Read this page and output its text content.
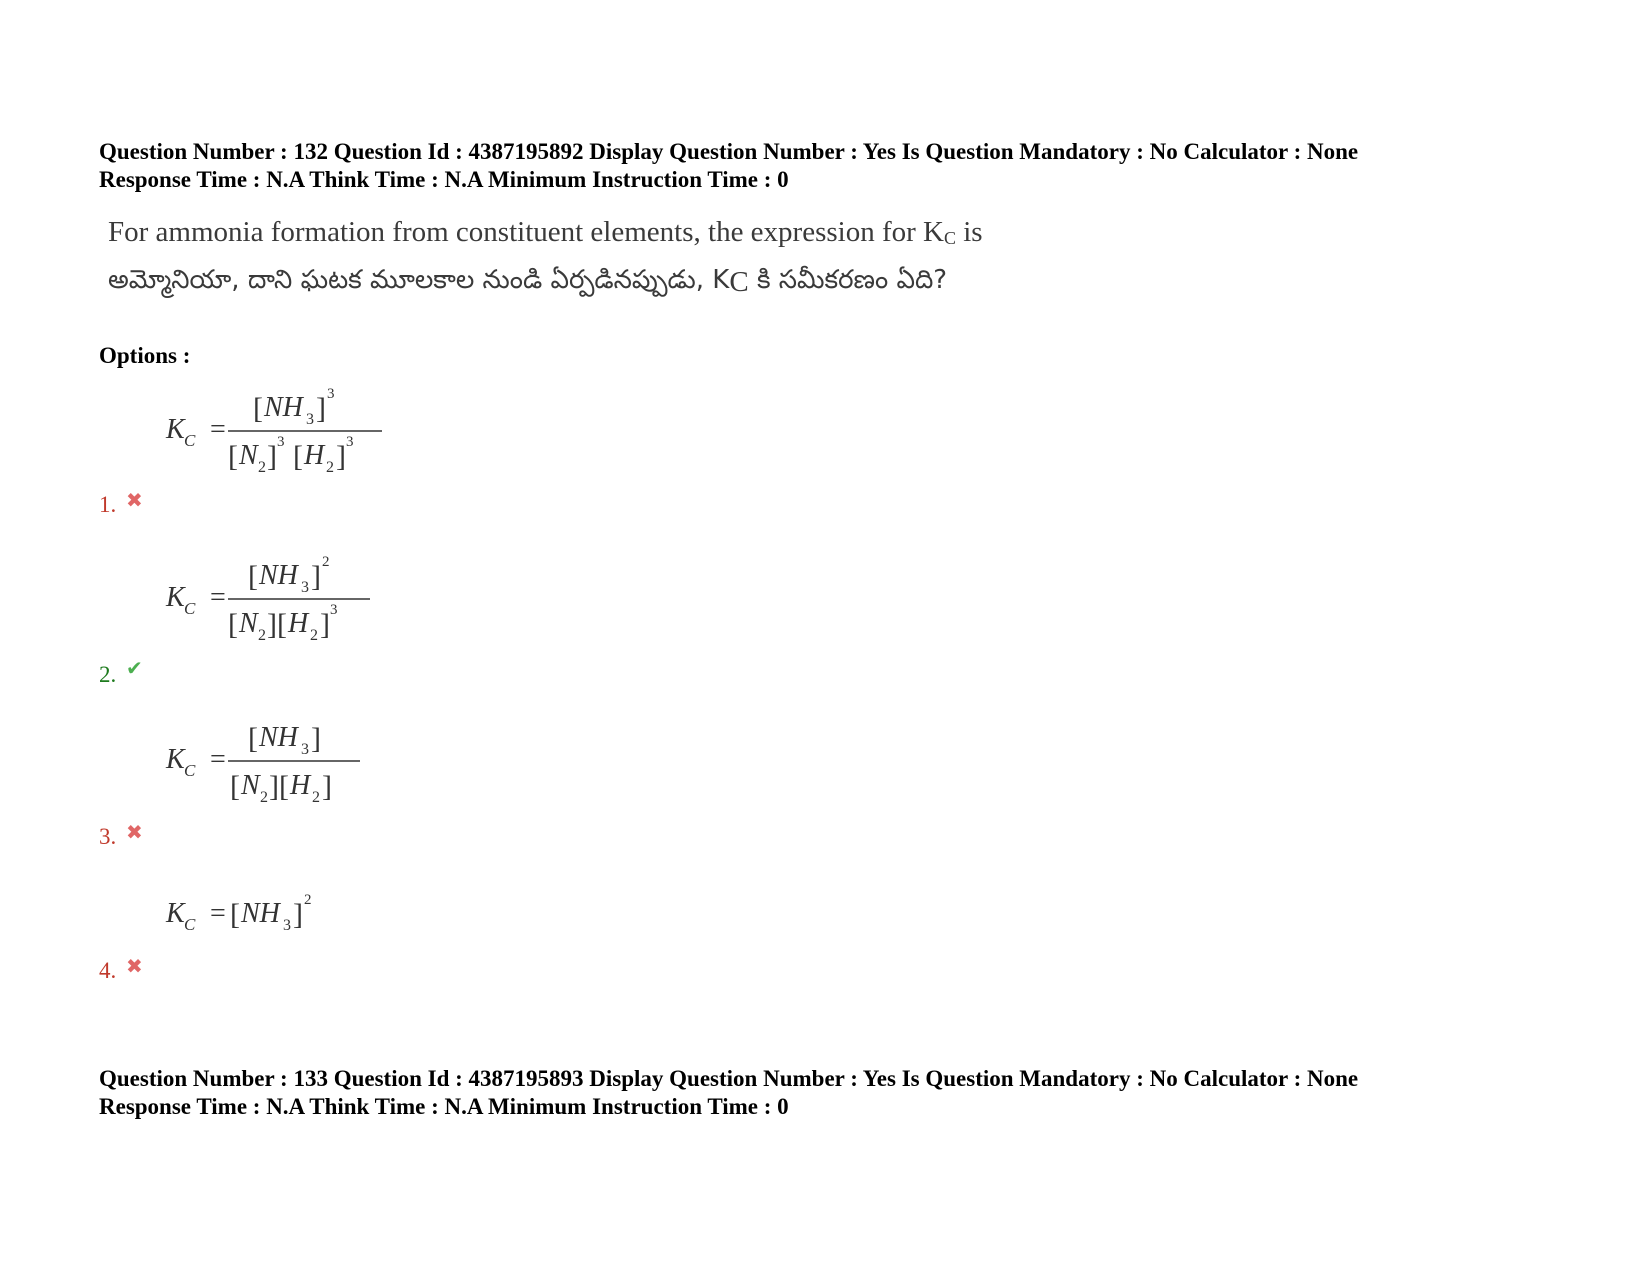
Question Number : 132 Question Id : 4387195892 Display Question Number : Yes Is Question Mandatory : No Calculator : None
Response Time : N.A Think Time : N.A Minimum Instruction Time : 0
For ammonia formation from constituent elements, the expression for $K_C$ is
అమ్మోనియా, దాని ఘటక మూలకాల నుండి ఏర్పడినప్పుడు, $K_C$ కి సమీకరణం ఏది?
Options :
K C =
[ NH 3 ] 3
[ N 2 ] 3 [ H 2 ] 3
1. ✖
K C =
[ NH 3 ] 2
[ N 2 ] [ H 2 ] 3
2. ✔
K C =
[ NH 3 ]
[ N 2 ] [ H 2 ]
3. ✖
K C = [ NH 3 ] 2
4. ✖
Question Number : 133 Question Id : 4387195893 Display Question Number : Yes Is Question Mandatory : No Calculator : None
Response Time : N.A Think Time : N.A Minimum Instruction Time : 0
